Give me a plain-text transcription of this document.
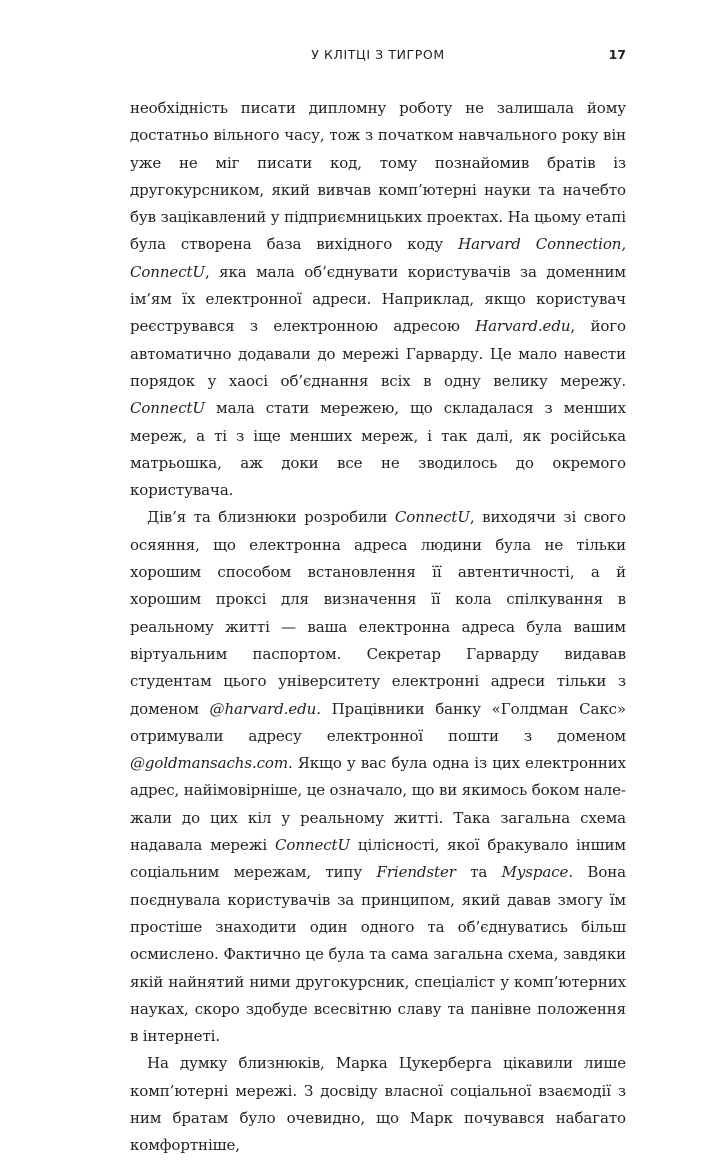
У КЛІТЦІ З ТИГРОМ	17

необхідність писати дипломну роботу не залишала йому достатньо вільного часу, тож з початком навчального року він уже не міг писати код, тому познайомив братів із другокурсником, який вивчав комп’ютерні науки та начебто був зацікавлений у підприємницьких проектах. На цьому етапі була створена база вихідного коду Harvard Connection, ConnectU, яка мала об’єднувати користувачів за доменним ім’ям їх електронної адреси. Наприклад, якщо користувач реєструвався з електронною адресою Harvard.edu, його автоматично додавали до мережі Гарварду. Це мало навести порядок у хаосі об’єднання всіх в одну велику мережу. ConnectU мала стати мережею, що складалася з менших мереж, а ті з іще менших мереж, і так далі, як російська матрьошка, аж доки все не зводилось до окремого користувача.

Дів’я та близнюки розробили ConnectU, виходячи зі свого осяяння, що електронна адреса людини була не тільки хорошим способом встановлення її автентичності, а й хорошим проксі для визначення її кола спілкування в реальному житті — ваша електронна адреса була вашим віртуальним паспортом. Секретар Гарварду видавав студентам цього університету електронні адреси тільки з доменом @harvard.edu. Працівники банку «Голдман Сакс» отримували адресу електронної пошти з доменом @goldmansachs.com. Якщо у вас була одна із цих електронних адрес, найімовірніше, це означало, що ви якимось боком належали до цих кіл у реальному житті. Така загальна схема надавала мережі ConnectU цілісності, якої бракувало іншим соціальним мережам, типу Friendster та Myspace. Вона поєднувала користувачів за принципом, який давав змогу їм простіше знаходити один одного та об’єднуватись більш осмислено. Фактично це була та сама загальна схема, завдяки якій найнятий ними другокурсник, спеціаліст у комп’ютерних науках, скоро здобуде всесвітню славу та панівне положення в інтернеті.

На думку близнюків, Марка Цукерберга цікавили лише комп’ютерні мережі. З досвіду власної соціальної взаємодії з ним братам було очевидно, що Марк почувався набагато комфортніше,
